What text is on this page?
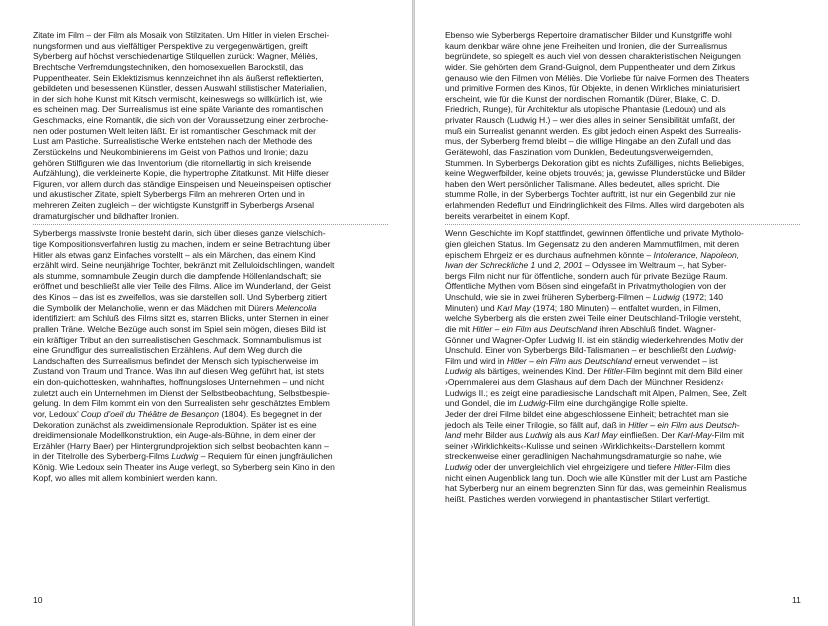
Zitate im Film – der Film als Mosaik von Stilzitaten. Um Hitler in vielen Erschei-
nungsformen und aus vielfältiger Perspektive zu vergegenwärtigen, greift
Syberberg auf höchst verschiedenartige Stilquellen zurück: Wagner, Méliès,
Brechtsche Verfremdungstechniken, den homosexuellen Barockstil, das
Puppentheater. Sein Eklektizismus kennzeichnet ihn als äußerst reflektierten,
gebildeten und besessenen Künstler, dessen Auswahl stilistischer Materialien,
in der sich hohe Kunst mit Kitsch vermischt, keineswegs so willkürlich ist, wie
es scheinen mag. Der Surrealismus ist eine späte Variante des romantischen
Geschmacks, eine Romantik, die sich von der Voraussetzung einer zerbroche-
nen oder postumen Welt leiten läßt. Er ist romantischer Geschmack mit der
Lust am Pastiche. Surrealistische Werke entstehen nach der Methode des
Zerstückelns und Neukombinierens im Geist von Pathos und Ironie; dazu
gehören Stilfiguren wie das Inventorium (die ritornellartig in sich kreisende
Aufzählung), die verkleinerte Kopie, die hypertrophe Zitatkunst. Mit Hilfe dieser
Figuren, vor allem durch das ständige Einspeisen und Neueinspeisen optischer
und akustischer Zitate, spielt Syberbergs Film an mehreren Orten und in
mehreren Zeiten zugleich – der wichtigste Kunstgriff in Syberbergs Arsenal
dramaturgischer und bildhafter Ironien.

Syberbergs massivste Ironie besteht darin, sich über dieses ganze vielschich-
tige Kompositionsverfahren lustig zu machen, indem er seine Betrachtung über
Hitler als etwas ganz Einfaches vorstellt – als ein Märchen, das einem Kind
erzählt wird. Seine neunjährige Tochter, bekränzt mit Zelluloidschlingen, wandelt
als stumme, somnambule Zeugin durch die dampfende Höllenlandschaft; sie
eröffnet und beschließt alle vier Teile des Films. Alice im Wunderland, der Geist
des Kinos – das ist es zweifellos, was sie darstellen soll. Und Syberberg zitiert
die Symbolik der Melancholie, wenn er das Mädchen mit Dürers Melencolia
identifiziert: am Schluß des Films sitzt es, starren Blicks, unter Sternen in einer
prallen Träne. Welche Bezüge auch sonst im Spiel sein mögen, dieses Bild ist
ein kräftiger Tribut an den surrealistischen Geschmack. Somnambulismus ist
eine Grundfigur des surrealistischen Erzählens. Auf dem Weg durch die
Landschaften des Surrealismus befindet der Mensch sich typischerweise im
Zustand von Traum und Trance. Was ihn auf diesen Weg geführt hat, ist stets
ein don-quichottesken, wahnhaftes, hoffnungsloses Unternehmen – und nicht
zuletzt auch ein Unternehmen im Dienst der Selbstbeobachtung, Selbstbespie-
gelung. In dem Film kommt ein von den Surrealisten sehr geschätztes Emblem
vor, Ledoux’ Coup d’oeil du Théâtre de Besançon (1804). Es begegnet in der
Dekoration zunächst als zweidimensionale Reproduktion. Später ist es eine
dreidimensionale Modellkonstruktion, ein Auge-als-Bühne, in dem einer der
Erzähler (Harry Baer) per Hintergrundprojektion sich selbst beobachten kann –
in der Titelrolle des Syberberg-Films Ludwig – Requiem für einen jungfräulichen
König. Wie Ledoux sein Theater ins Auge verlegt, so Syberberg sein Kino in den
Kopf, wo alles mit allem kombiniert werden kann.

10

Ebenso wie Syberbergs Repertoire dramatischer Bilder und Kunstgriffe wohl
kaum denkbar wäre ohne jene Freiheiten und Ironien, die der Surrealismus
begründete, so spiegelt es auch viel von dessen charakteristischen Neigungen
wider. Sie gehörten dem Grand-Guignol, dem Puppentheater und dem Zirkus
genauso wie den Filmen von Méliès. Die Vorliebe für naive Formen des Theaters
und primitive Formen des Kinos, für Objekte, in denen Wirkliches miniaturisiert
erscheint, wie für die Kunst der nordischen Romantik (Dürer, Blake, C. D.
Friedrich, Runge), für Architektur als utopische Phantasie (Ledoux) und als
privater Rausch (Ludwig H.) – wer dies alles in seiner Sensibilität umfaßt, der
muß ein Surrealist genannt werden. Es gibt jedoch einen Aspekt des Surrealis-
mus, der Syberberg fremd bleibt – die willige Hingabe an den Zufall und das
Gerätewohl, das Faszination vom Dunklen, Bedeutungsverweigernden,
Stummen. In Syberbergs Dekoration gibt es nichts Zufälliges, nichts Beliebiges,
keine Wegwerfbilder, keine objets trouvés; ja, gewisse Plunderstücke und Bilder
haben den Wert persönlicher Talismane. Alles bedeutet, alles spricht. Die
stumme Rolle, in der Syberbergs Tochter auftritt, ist nur ein Gegenbild zur nie
erlahmenden Redefluт und Eindringlichkeit des Films. Alles wird dargeboten als
bereits verarbeitet in einem Kopf.

Wenn Geschichte im Kopf stattfindet, gewinnen öffentliche und private Mytholo-
gien gleichen Status. Im Gegensatz zu den anderen Mammutfilmen, mit deren
epischem Ehrgeiz er es durchaus aufnehmen könnte – Intolerance, Napoleon,
Iwan der Schreckliche 1 und 2, 2001 – Odyssee im Weltraum –, hat Syber-
bergs Film nicht nur für öffentliche, sondern auch für private Bezüge Raum.
Öffentliche Mythen vom Bösen sind eingefaßt in Privatmythologien von der
Unschuld, wie sie in zwei früheren Syberberg-Filmen – Ludwig (1972; 140
Minuten) und Karl May (1974; 180 Minuten) – entfaltet wurden, in Filmen,
welche Syberberg als die ersten zwei Teile einer Deutschland-Trilogie versteht,
die mit Hitler – ein Film aus Deutschland ihren Abschluß findet. Wagner-
Gönner und Wagner-Opfer Ludwig II. ist ein ständig wiederkehrendes Motiv der
Unschuld. Einer von Syberbergs Bild-Talismanen – er beschließt den Ludwig-
Film und wird in Hitler – ein Film aus Deutschland erneut verwendet – ist
Ludwig als bärtiges, weinendes Kind. Der Hitler-Film beginnt mit dem Bild einer
›Opernmalerei aus dem Glashaus auf dem Dach der Münchner Residenz‹
Ludwigs II.; es zeigt eine paradiesische Landschaft mit Alpen, Palmen, See, Zelt
und Gondel, die im Ludwig-Film eine durchgängige Rolle spielte.
Jeder der drei Filme bildet eine abgeschlossene Einheit; betrachtet man sie
jedoch als Teile einer Trilogie, so fällt auf, daß in Hitler – ein Film aus Deutsch-
land mehr Bilder aus Ludwig als aus Karl May einfließen. Der Karl-May-Film mit
seiner ›Wirklichkeits‹-Kulisse und seinen ›Wirklichkeits‹-Darstellern kommt
streckenweise einer geradlinigen Nachahmungsdramaturgie so nahe, wie
Ludwig oder der unvergleichlich viel ehrgeizigere und tiefere Hitler-Film dies
nicht einen Augenblick lang tun. Doch wie alle Künstler mit der Lust am Pastiche
hat Syberberg nur an einem begrenzten Sinn für das, was gemeinhin Realismus
heißt. Pastiches werden vorwiegend in phantastischer Stilart verfertigt.

11
